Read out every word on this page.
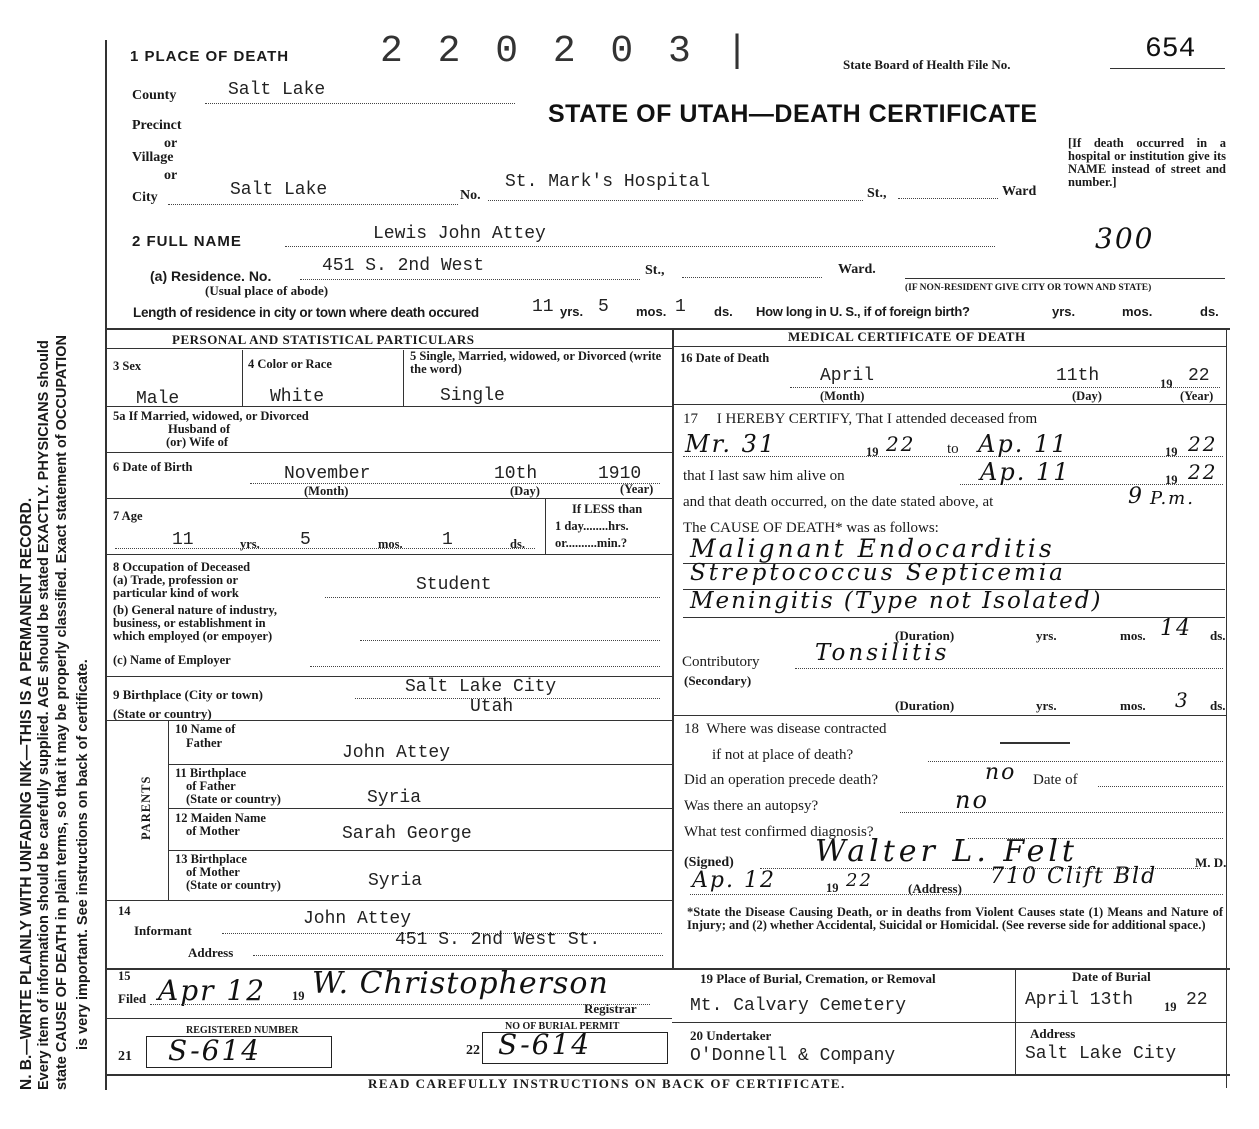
N. B.—WRITE PLAINLY WITH UNFADING INK—THIS IS A PERMANENT RECORD. Every item of information should be carefully supplied. AGE should be stated EXACTLY. PHYSICIANS should state CAUSE OF DEATH in plain terms, so that it may be properly classified. Exact statement of OCCUPATION is very important. See instructions on back of certificate.
1 PLACE OF DEATH 2 2 0 2 0 3 |	State Board of Health File No.	654
STATE OF UTAH—DEATH CERTIFICATE
[If death occurred in a hospital or institution give its NAME instead of street and number.]
300
County	Salt Lake
Precinct
or
Village
or
City	Salt Lake	No.
St. Mark's Hospital
St.,	Ward
2 FULL NAME	Lewis John Attey
(a) Residence. No.	451 S. 2nd West	St.,	Ward.
(IF NON-RESIDENT GIVE CITY OR TOWN AND STATE)
(Usual place of abode)
Length of residence in city or town where death occured	11 yrs. 5 mos. 1 ds. How long in U. S., if of foreign birth?	yrs.	mos.	ds.
PERSONAL AND STATISTICAL PARTICULARS
3 Sex
Male
4 Color or Race
White
5 Single, Married, widowed, or Divorced (write the word)
Single
5a If Married, widowed, or Divorced
Husband of
(or) Wife of
6 Date of Birth	November	10th	1910
(Month)	(Day)	(Year)
7 Age
11	yrs. 5	mos. 1	ds.
If LESS than
1 day........hrs.
or..........min.?
8 Occupation of Deceased
(a) Trade, profession or
particular kind of work	Student
(b) General nature of industry,
business, or establishment in
which employed (or empoyer)
(c) Name of Employer
9 Birthplace (City or town)
(State or country)
Salt Lake City
Utah
PARENTS
10 Name of
Father	John Attey
11 Birthplace
of Father
(State or country)	Syria
12 Maiden Name
of Mother	Sarah George
13 Birthplace
of Mother
(State or country)	Syria
14
Informant
John Attey
Address
451 S. 2nd West St.
MEDICAL CERTIFICATE OF DEATH
16 Date of Death
April	11th	19 22
(Month)	(Day)	(Year)
17     I HEREBY CERTIFY, That I attended deceased from
Mr. 31	19 22 to Ap. 11	19 22
that I last saw him alive on	Ap. 11	19 22
and that death occurred, on the date stated above, at	9 P.m.
The CAUSE OF DEATH* was as follows:
Malignant Endocarditis
Streptococcus Septicemia
Meningitis (Type not Isolated)
(Duration)	yrs.	mos. 14 ds.
Contributory
(Secondary)
Tonsilitis
(Duration)	yrs.	mos. 3 ds.
18  Where was disease contracted
if not at place of death?
Did an operation precede death?	no Date of
Was there an autopsy?	no
What test confirmed diagnosis?
(Signed)	Walter L. Felt	M. D.
Ap. 12	19 22	(Address) 710 Clift Bld
*State the Disease Causing Death, or in deaths from Violent Causes state (1) Means and Nature of Injury; and (2) whether Accidental, Suicidal or Homicidal. (See reverse side for additional space.)
15
Filed Apr 12 19 W. Christopherson
Registrar
REGISTERED NUMBER	NO OF BURIAL PERMIT
21 S-614	22 S-614
19 Place of Burial, Cremation, or Removal
Mt. Calvary Cemetery
Date of Burial
April 13th 19 22
20 Undertaker
O'Donnell & Company
Address
Salt Lake City
READ CAREFULLY INSTRUCTIONS ON BACK OF CERTIFICATE.
